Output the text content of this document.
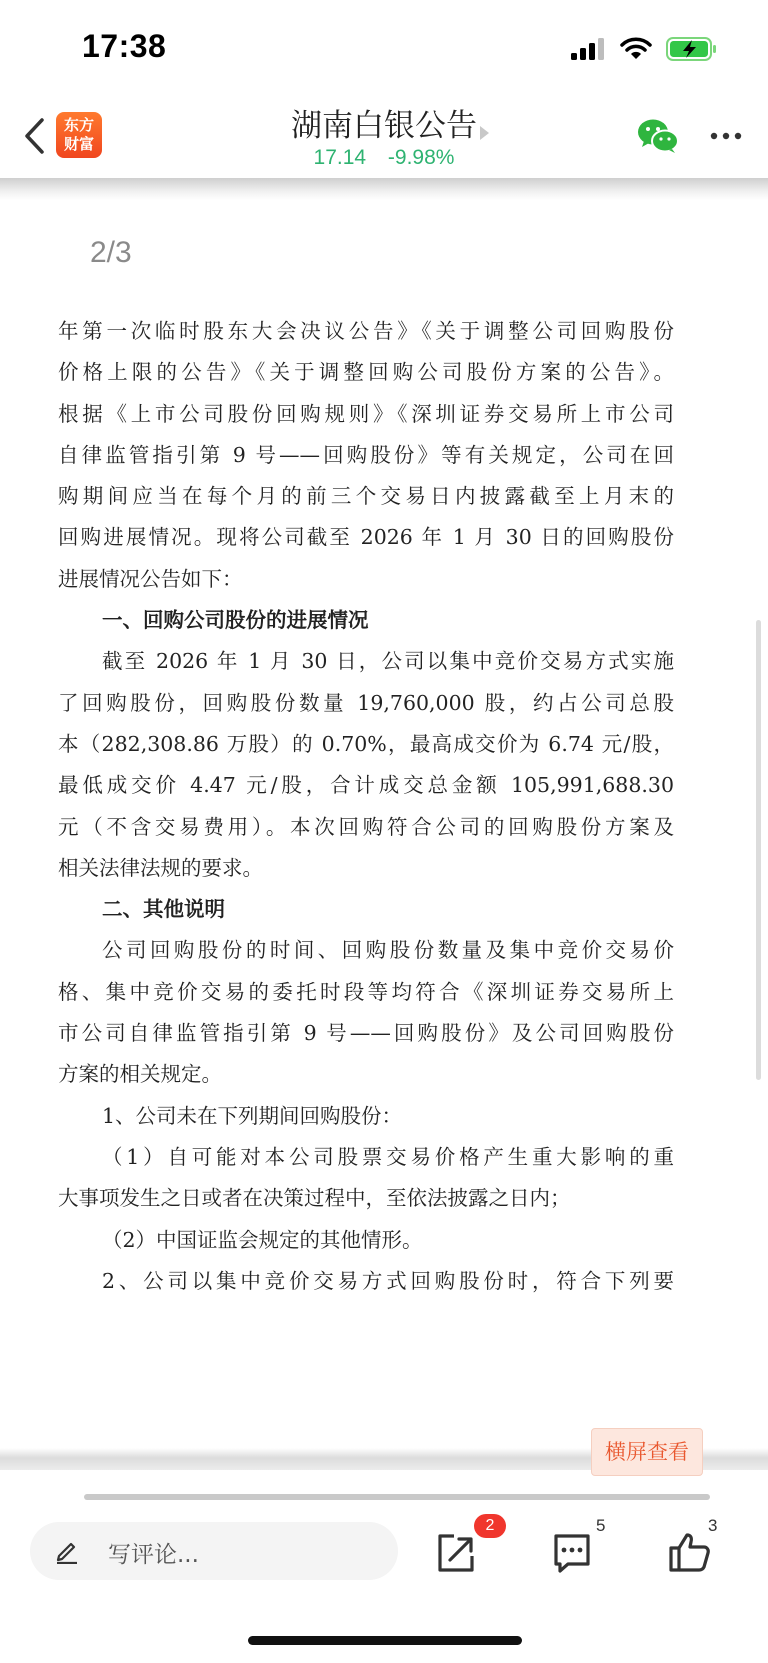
17:38
东方
财富	湖南白银公告
17.14 -9.98%
2/3
年第一次临时股东大会决议公告》《关于调整公司回购股份
价格上限的公告》《关于调整回购公司股份方案的公告》。
根据《上市公司股份回购规则》《深圳证券交易所上市公司
自律监管指引第 9 号——回购股份》等有关规定，公司在回
购期间应当在每个月的前三个交易日内披露截至上月末的
回购进展情况。现将公司截至 2026 年 1 月 30 日的回购股份
进展情况公告如下：
一、回购公司股份的进展情况
截至 2026 年 1 月 30 日，公司以集中竞价交易方式实施
了回购股份，回购股份数量 19,760,000 股，约占公司总股
本（282,308.86 万股）的 0.70%，最高成交价为 6.74 元/股，
最低成交价 4.47 元/股，合计成交总金额 105,991,688.30
元（不含交易费用）。本次回购符合公司的回购股份方案及
相关法律法规的要求。
二、其他说明
公司回购股份的时间、回购股份数量及集中竞价交易价
格、集中竞价交易的委托时段等均符合《深圳证券交易所上
市公司自律监管指引第 9 号——回购股份》及公司回购股份
方案的相关规定。
1、公司未在下列期间回购股份：
（1）自可能对本公司股票交易价格产生重大影响的重
大事项发生之日或者在决策过程中，至依法披露之日内；
（2）中国证监会规定的其他情形。
2、公司以集中竞价交易方式回购股份时，符合下列要
横屏查看
写评论...
2	5	3
